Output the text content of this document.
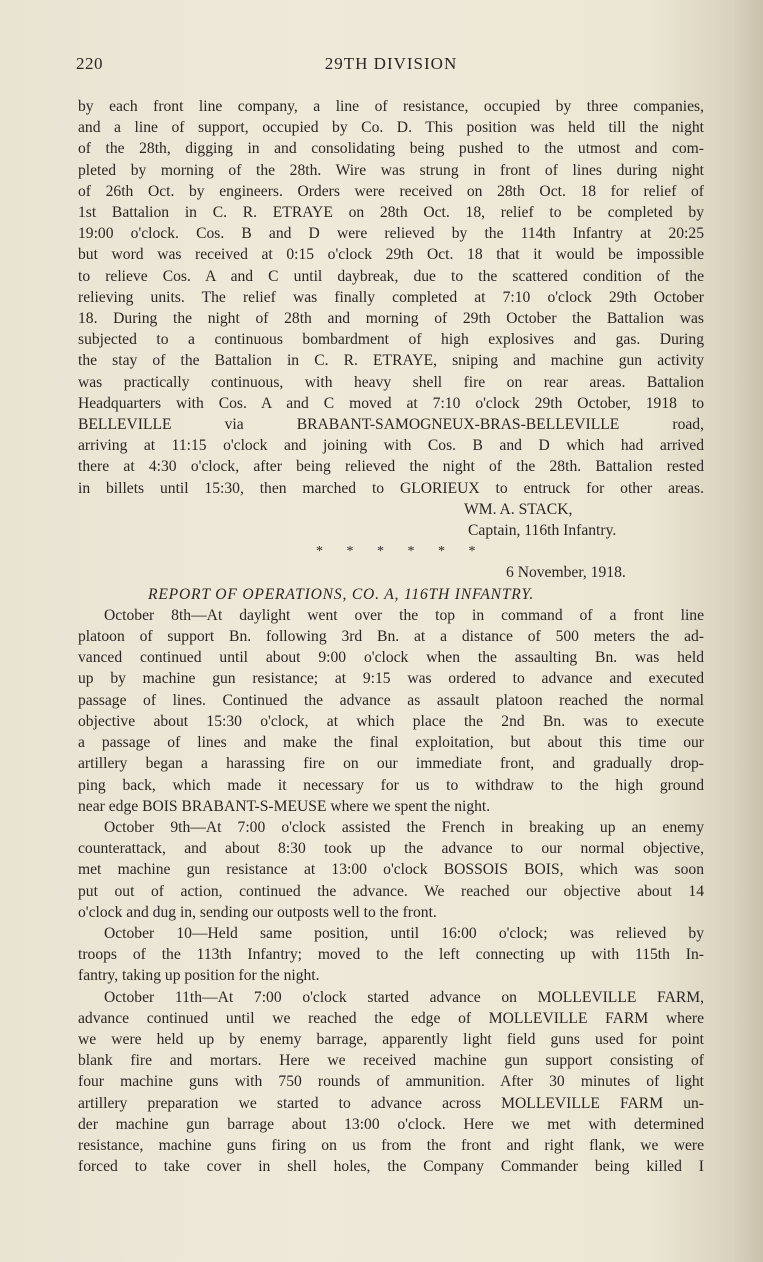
220	29TH DIVISION
by each front line company, a line of resistance, occupied by three companies,
and a line of support, occupied by Co. D. This position was held till the night
of the 28th, digging in and consolidating being pushed to the utmost and com-
pleted by morning of the 28th. Wire was strung in front of lines during night
of 26th Oct. by engineers. Orders were received on 28th Oct. 18 for relief of
1st Battalion in C. R. ETRAYE on 28th Oct. 18, relief to be completed by
19:00 o'clock. Cos. B and D were relieved by the 114th Infantry at 20:25
but word was received at 0:15 o'clock 29th Oct. 18 that it would be impossible
to relieve Cos. A and C until daybreak, due to the scattered condition of the
relieving units. The relief was finally completed at 7:10 o'clock 29th October
18. During the night of 28th and morning of 29th October the Battalion was
subjected to a continuous bombardment of high explosives and gas. During
the stay of the Battalion in C. R. ETRAYE, sniping and machine gun activity
was practically continuous, with heavy shell fire on rear areas. Battalion
Headquarters with Cos. A and C moved at 7:10 o'clock 29th October, 1918 to
BELLEVILLE via BRABANT-SAMOGNEUX-BRAS-BELLEVILLE road,
arriving at 11:15 o'clock and joining with Cos. B and D which had arrived
there at 4:30 o'clock, after being relieved the night of the 28th. Battalion rested
in billets until 15:30, then marched to GLORIEUX to entruck for other areas.
WM. A. STACK,
Captain, 116th Infantry.
* * * * * *
6 November, 1918.
REPORT OF OPERATIONS, CO. A, 116TH INFANTRY.
October 8th—At daylight went over the top in command of a front line
platoon of support Bn. following 3rd Bn. at a distance of 500 meters the ad-
vanced continued until about 9:00 o'clock when the assaulting Bn. was held
up by machine gun resistance; at 9:15 was ordered to advance and executed
passage of lines. Continued the advance as assault platoon reached the normal
objective about 15:30 o'clock, at which place the 2nd Bn. was to execute
a passage of lines and make the final exploitation, but about this time our
artillery began a harassing fire on our immediate front, and gradually drop-
ping back, which made it necessary for us to withdraw to the high ground
near edge BOIS BRABANT-S-MEUSE where we spent the night.
October 9th—At 7:00 o'clock assisted the French in breaking up an enemy
counterattack, and about 8:30 took up the advance to our normal objective,
met machine gun resistance at 13:00 o'clock BOSSOIS BOIS, which was soon
put out of action, continued the advance. We reached our objective about 14
o'clock and dug in, sending our outposts well to the front.
October 10—Held same position, until 16:00 o'clock; was relieved by
troops of the 113th Infantry; moved to the left connecting up with 115th In-
fantry, taking up position for the night.
October 11th—At 7:00 o'clock started advance on MOLLEVILLE FARM,
advance continued until we reached the edge of MOLLEVILLE FARM where
we were held up by enemy barrage, apparently light field guns used for point
blank fire and mortars. Here we received machine gun support consisting of
four machine guns with 750 rounds of ammunition. After 30 minutes of light
artillery preparation we started to advance across MOLLEVILLE FARM un-
der machine gun barrage about 13:00 o'clock. Here we met with determined
resistance, machine guns firing on us from the front and right flank, we were
forced to take cover in shell holes, the Company Commander being killed I
